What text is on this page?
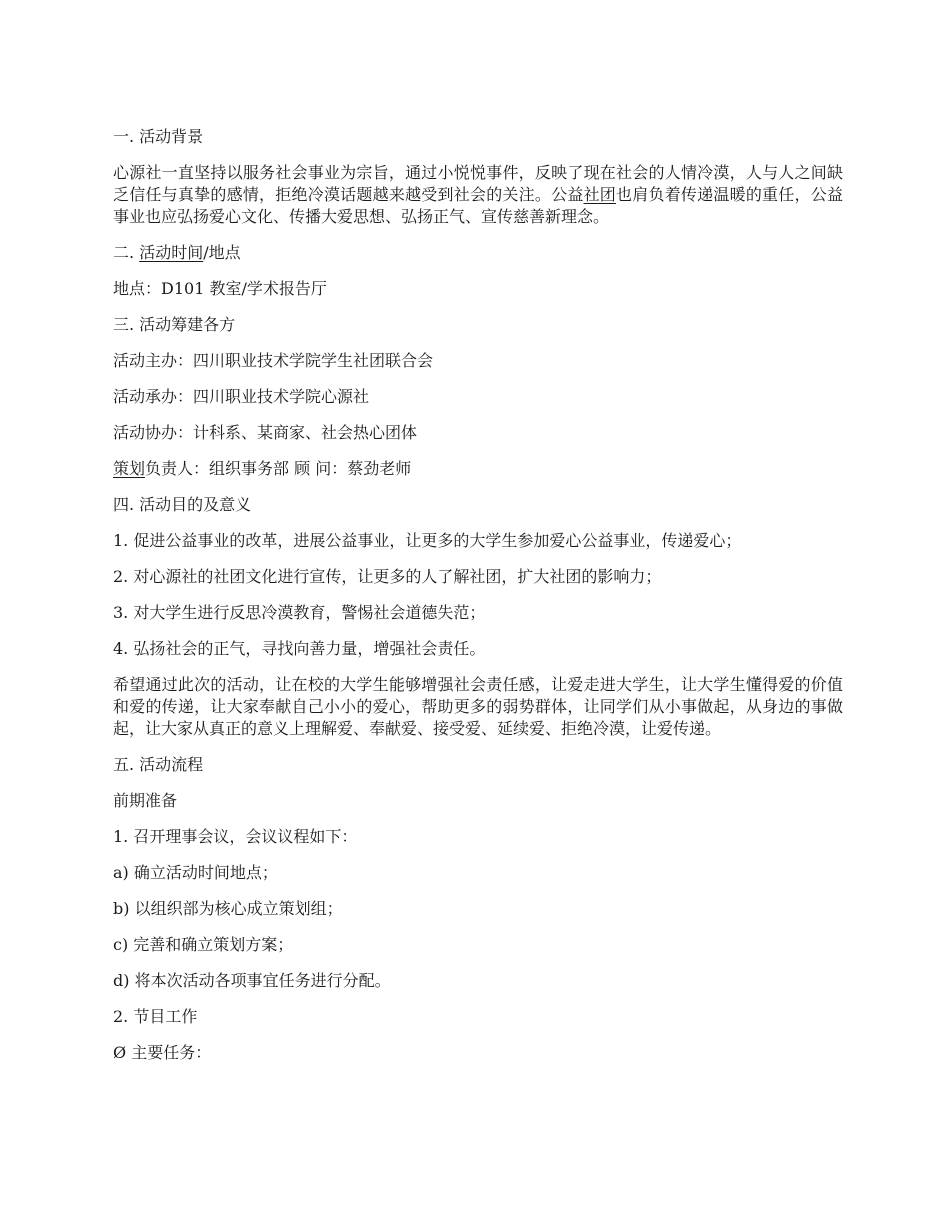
一. 活动背景

心源社一直坚持以服务社会事业为宗旨，通过小悦悦事件，反映了现在社会的人情冷漠，人与人之间缺乏信任与真挚的感情，拒绝冷漠话题越来越受到社会的关注。公益社团也肩负着传递温暖的重任，公益事业也应弘扬爱心文化、传播大爱思想、弘扬正气、宣传慈善新理念。

二. 活动时间/地点

地点：D101 教室/学术报告厅

三. 活动筹建各方

活动主办：四川职业技术学院学生社团联合会

活动承办：四川职业技术学院心源社

活动协办：计科系、某商家、社会热心团体

策划负责人：组织事务部 顾 问：蔡劲老师

四. 活动目的及意义

1. 促进公益事业的改革，进展公益事业，让更多的大学生参加爱心公益事业，传递爱心；

2. 对心源社的社团文化进行宣传，让更多的人了解社团，扩大社团的影响力；

3. 对大学生进行反思冷漠教育，警惕社会道德失范；

4. 弘扬社会的正气，寻找向善力量，增强社会责任。

希望通过此次的活动，让在校的大学生能够增强社会责任感，让爱走进大学生，让大学生懂得爱的价值和爱的传递，让大家奉献自己小小的爱心，帮助更多的弱势群体，让同学们从小事做起，从身边的事做起，让大家从真正的意义上理解爱、奉献爱、接受爱、延续爱、拒绝冷漠，让爱传递。

五. 活动流程

前期准备

1. 召开理事会议，会议议程如下：

a) 确立活动时间地点；

b) 以组织部为核心成立策划组；

c) 完善和确立策划方案；

d) 将本次活动各项事宜任务进行分配。

2. 节目工作

Ø 主要任务：
